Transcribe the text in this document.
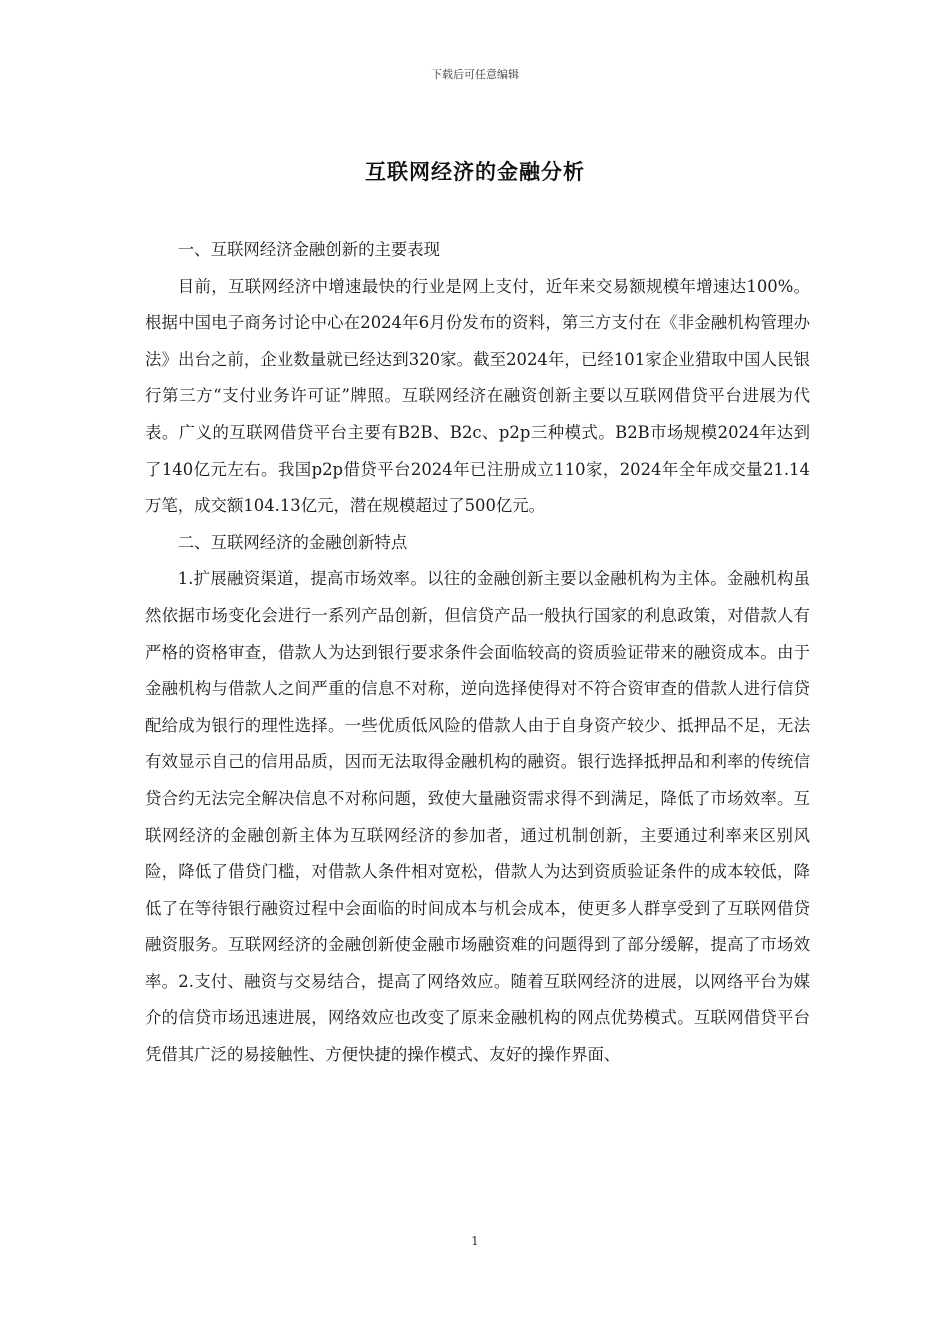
下载后可任意编辑
互联网经济的金融分析

一、互联网经济金融创新的主要表现

目前，互联网经济中增速最快的行业是网上支付，近年来交易额规模年增速达100%。根据中国电子商务讨论中心在2024年6月份发布的资料，第三方支付在《非金融机构管理办法》出台之前，企业数量就已经达到320家。截至2024年，已经101家企业猎取中国人民银行第三方“支付业务许可证”牌照。互联网经济在融资创新主要以互联网借贷平台进展为代表。广义的互联网借贷平台主要有B2B、B2c、p2p三种模式。B2B市场规模2024年达到了140亿元左右。我国p2p借贷平台2024年已注册成立110家，2024年全年成交量21.14万笔，成交额104.13亿元，潜在规模超过了500亿元。

二、互联网经济的金融创新特点

1.扩展融资渠道，提高市场效率。以往的金融创新主要以金融机构为主体。金融机构虽然依据市场变化会进行一系列产品创新，但信贷产品一般执行国家的利息政策，对借款人有严格的资格审查，借款人为达到银行要求条件会面临较高的资质验证带来的融资成本。由于金融机构与借款人之间严重的信息不对称，逆向选择使得对不符合资审查的借款人进行信贷配给成为银行的理性选择。一些优质低风险的借款人由于自身资产较少、抵押品不足，无法有效显示自己的信用品质，因而无法取得金融机构的融资。银行选择抵押品和利率的传统信贷合约无法完全解决信息不对称问题，致使大量融资需求得不到满足，降低了市场效率。互联网经济的金融创新主体为互联网经济的参加者，通过机制创新，主要通过利率来区别风险，降低了借贷门槛，对借款人条件相对宽松，借款人为达到资质验证条件的成本较低，降低了在等待银行融资过程中会面临的时间成本与机会成本，使更多人群享受到了互联网借贷融资服务。互联网经济的金融创新使金融市场融资难的问题得到了部分缓解，提高了市场效率。2.支付、融资与交易结合，提高了网络效应。随着互联网经济的进展，以网络平台为媒介的信贷市场迅速进展，网络效应也改变了原来金融机构的网点优势模式。互联网借贷平台凭借其广泛的易接触性、方便快捷的操作模式、友好的操作界面、

1
